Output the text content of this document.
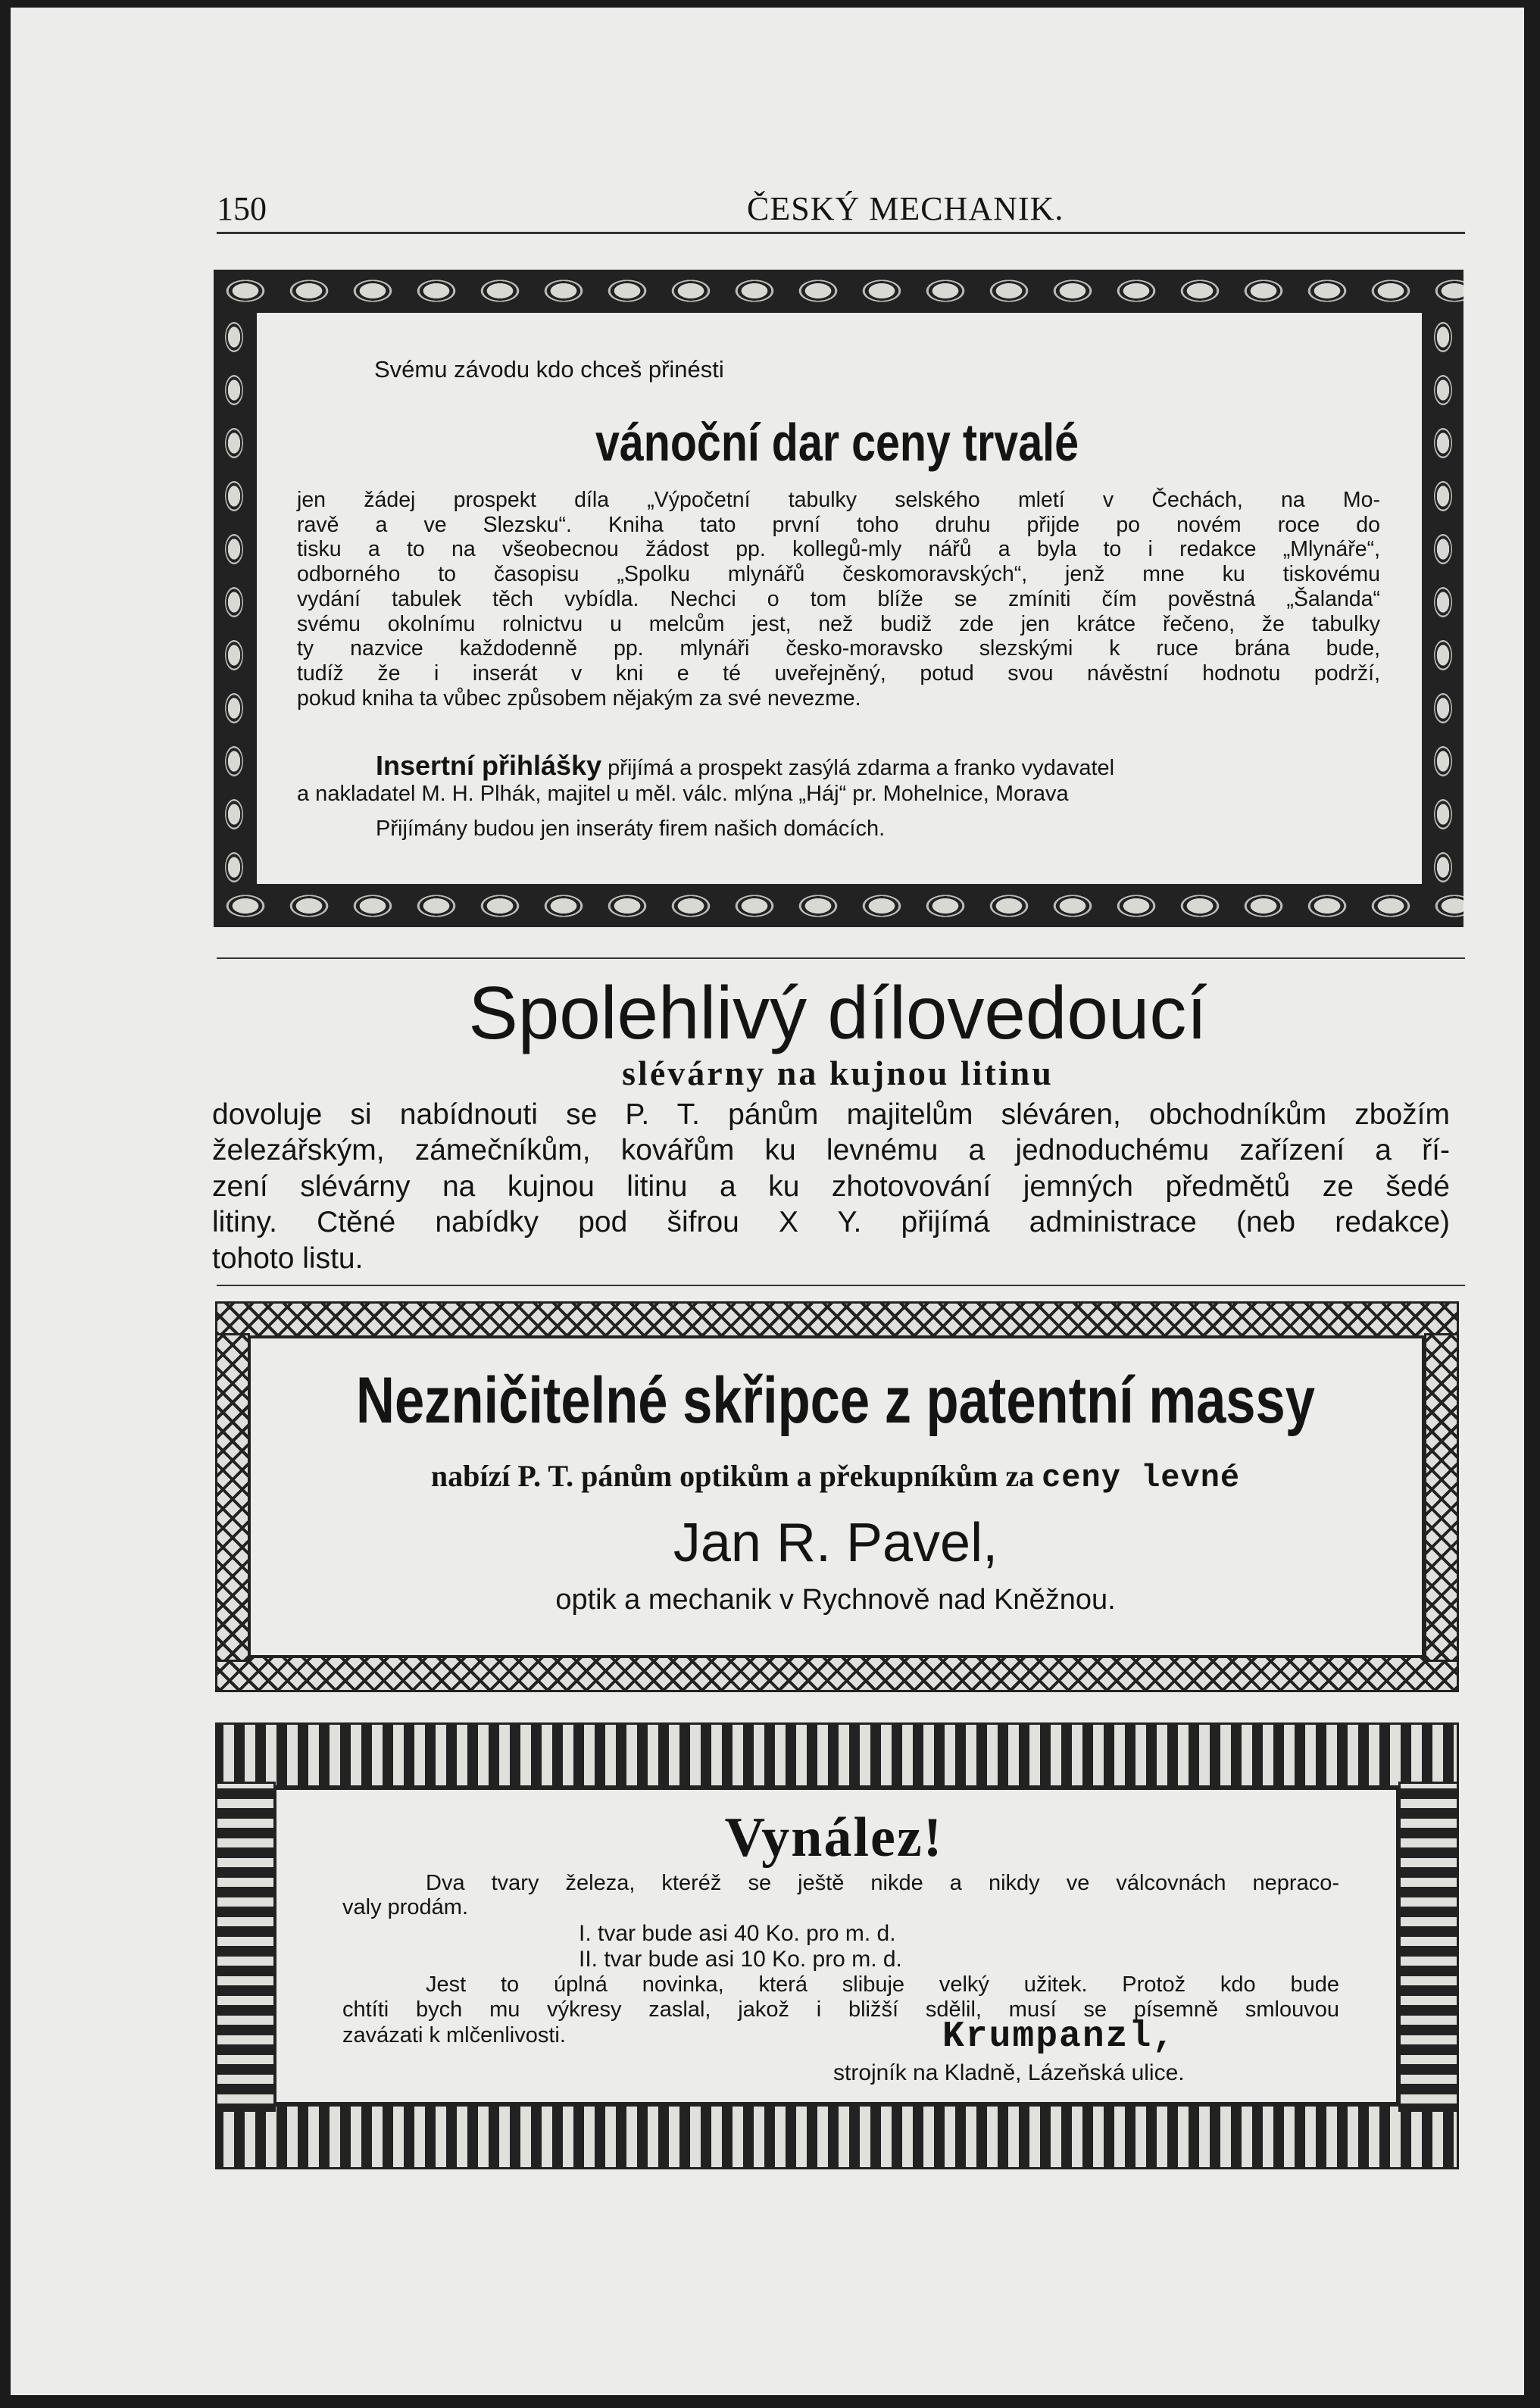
150	ČESKÝ MECHANIK.
Svému závodu kdo chceš přinésti
vánoční dar ceny trvalé
jen žádej prospekt díla „Výpočetní tabulky selského mletí v Čechách, na Mo-
ravě a ve Slezsku“. Kniha tato první toho druhu přijde po novém roce do
tisku a to na všeobecnou žádost pp. kollegů-mly nářů a byla to i redakce „Mlynáře“,
odborného to časopisu „Spolku mlynářů českomoravských“, jenž mne ku tiskovému
vydání tabulek těch vybídla. Nechci o tom blíže se zmíniti čím pověstná „Šalanda“
svému okolnímu rolnictvu u melcům jest, než budiž zde jen krátce řečeno, že tabulky
ty nazvice každodenně pp. mlynáři česko-moravsko slezskými k ruce brána bude,
tudíž že i inserát v kni e té uveřejněný, potud svou návěstní hodnotu podrží,
pokud kniha ta vůbec způsobem nějakým za své nevezme.
Insertní přihlášky přijímá a prospekt zasýlá zdarma a franko vydavatel
a nakladatel M. H. Plhák, majitel u měl. válc. mlýna „Háj“ pr. Mohelnice, Morava
Přijímány budou jen inseráty firem našich domácích.
Spolehlivý dílovedoucí
slévárny na kujnou litinu
dovoluje si nabídnouti se P. T. pánům majitelům sléváren, obchodníkům zbožím
železářským, zámečníkům, kovářům ku levnému a jednoduchému zařízení a ří-
zení slévárny na kujnou litinu a ku zhotovování jemných předmětů ze šedé
litiny. Ctěné nabídky pod šifrou X Y. přijímá administrace (neb redakce)
tohoto listu.
Nezničitelné skřipce z patentní massy
nabízí P. T. pánům optikům a překupníkům za ceny levné
Jan R. Pavel,
optik a mechanik v Rychnově nad Kněžnou.
Vynález!
Dva tvary železa, kteréž se ještě nikde a nikdy ve válcovnách nepraco-
valy prodám.
I. tvar bude asi 40 Ko. pro m. d.
II. tvar bude asi 10 Ko. pro m. d.
Jest to úplná novinka, která slibuje velký užitek. Protož kdo bude
chtíti bych mu výkresy zaslal, jakož i bližší sdělil, musí se písemně smlouvou
zavázati k mlčenlivosti.	Krumpanzl,
strojník na Kladně, Lázeňská ulice.
